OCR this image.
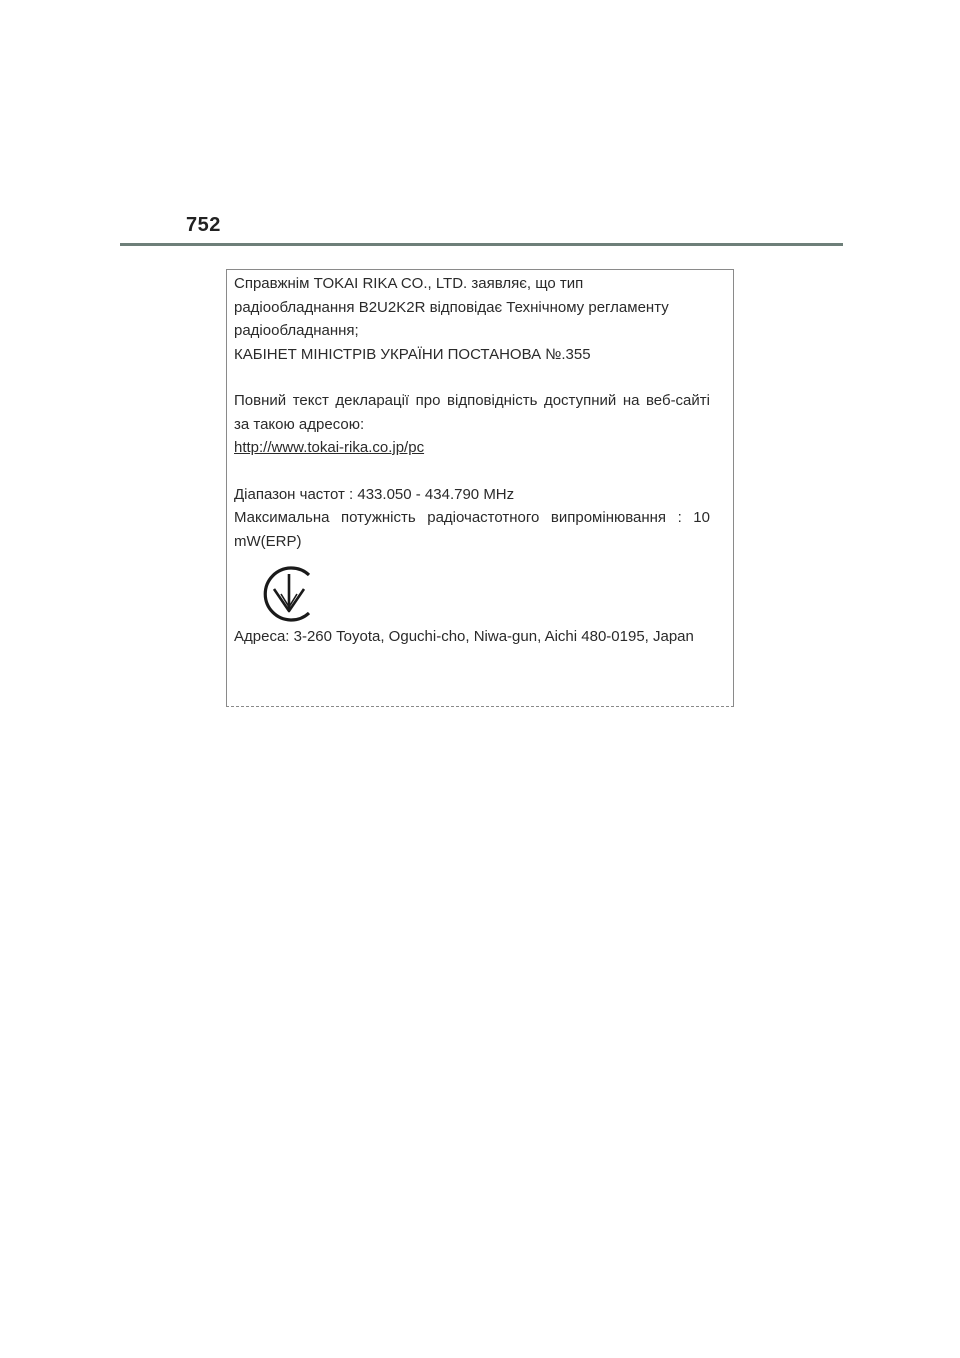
752

Справжнім TOKAI RIKA CO., LTD. заявляє, що тип

радіообладнання B2U2K2R відповідає Технічному регламенту

радіообладнання;

КАБІНЕТ МІНІСТРІВ УКРАЇНИ ПОСТАНОВА №.355

Повний текст декларації про відповідність доступний на веб-сайті за такою адресою:

http://www.tokai-rika.co.jp/pc

Діапазон частот : 433.050 - 434.790 MHz

Максимальна потужність радіочастотного випромінювання : 10 mW(ERP)

Адреса: 3-260 Toyota, Oguchi-cho, Niwa-gun, Aichi 480-0195, Japan
